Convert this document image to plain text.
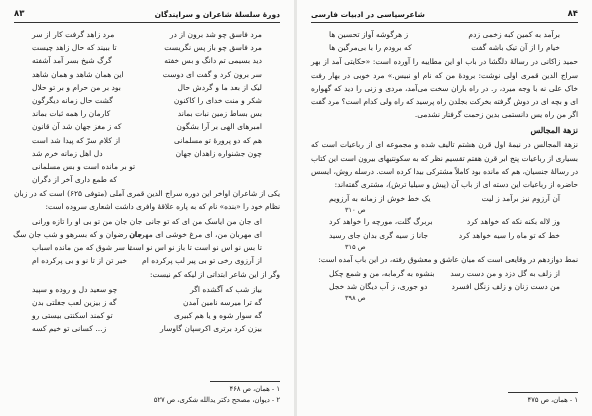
دورهٔ سلسلهٔ شاعران و سرایندگان
۸۳
مرد فاسق چو شد برون از در
مرد زاهد گرفت کار از سر
مرد فاسق چو باز پس نگریست
تا ببیند که حال زاهد چیست
دید بسیمی تم دانگ و بس خفته
گرگ شیخ بسر آمد آشفته
سر برون کرد و گفت ای دوست
این همان شاهد و همان شاهد
لیک از بعد ما و گردش حال
بود بر من حرام و بر تو حلال
شکر و منت خدای را کاکنون
گشت حال زمانه دیگرگون
بس بساط زمین نبات بماند
کارمان را همه ثبات بماند
امبرهای الهی بر آرا بشگون
که ز مغز جهان شد آن قانون
هم که دو پرورهٔ تو مسلمانی
از کلام سرّ که پیدا شد است
چون جشنواره زاهدان جهان
دل اهل زمانه خرم شد
تو بر مانده است و بس مسلمانی
که طمع داری آخر از دگران
یکی از شاعران اواخر این دوره سراج الدین قمری آملی (متوفی ۶۲۵) است که در زبان نظام خود را «بنده» نام که به پاره علاقهٔ وافری داشت اشعاری سروده است:
ای جان من ایاسک من ای که تو جانی
جان جان من تو بی او را تازه ورانی
ای مهربان من، ای مرغ خوشی ای مهرمان
جان رضوان و که بسرهو و شب جان سگ
تا بس نو اس نو است تا باز نو اس نو است
تا سر شوق که من مانده اسباب
از آرزوی رخی تو بی پیر لب پرکرده ام
خبر تن از تا نو و بی پرکرده ام
وگر از این شاعر ابتداتی از لیکه کم نیست:
بیاز شب که آگشده اگر
چو سعید دل و روده و سپید
گه ترا میرسه نامین آمدن
گه ز بیزین لعب جغلتی بدن
گه سوار شوه و یا هم کبیری
تو کمند اسکنتی بیستی رو
بیزن کرد برتری اکرسپان گاوسار
ز... کسانی تو خیم کسه
۱ - همان، ص ۴۶۸
۲ - دیوان، مصحح دکتر یدالله شکری، ص ۵۲۷
۸۴
شاعرسیاسی در ادبیات فارسی
برآمد به کمین کبه زخمی زدم
ز هرگوشه آواز تحسین ها
خیام را از آن تیک باشه گفت
که برودم را با بی‌مرگین ها
حمید زاکانی در رسالهٔ دلگشا در باب او این مطایبه را آورده است: «حکایتی آمد از بهر سراج الدین قمری اولی نوشت: برودهٔ من که نام او نبیس.» مرد خوبی در بهار رفت خاک علی‌ نه با وجه میرد، ر. در راه باران سخت می‌آمد، مردی و زنی را دید که گهواره ای و بچه ای در دوش گرفته بخرکت بجلدن راه پرسید که راه ولی کدام است؟ مرد گفت اگر من راه یس دانستمی بدین زحمت گرفتار نشدمی.
نزهة المجالس
نزهة المجالس در نیمهٔ اول قرن هشتم تالیف شده و مجموعه ای از رباعیات است که بسیاری از رباعیات پنج ابر قرن هفتم تقسیم نظر که به سکونتیهای بیرون است این کتاب در رسالهٔ جنسیان، هم که مانده بود کاملاً مشترکی بیدا کرده است. درسله روش، ایسس حاضره از رباعیات این دسته ای از باب آن (پیش و سیلیا ترش)، مشتری گفته‌اند:
آن آرزوم نیز برآمد ز لیت
یک خط خوش از زمانه به آرزویم
ص ۳۱۰
وز لاله بکنه نکه که خواهد کرد
بربرگ گلت، مورچه را خواهد کرد
خط که تو ماه را سیه خواهد کرد
جانا ز سیه گری بدان جای رسید
ص ۳۱۵
نمط دوازدهم در وقایعی است که میان عاشق و معشوق رفته، در این باب آمده است:
از زلف به گل دزد و من دست رسد
بنشوه به گرمابه، من و شمع چکل
من دست زنان و زلف زنگل افسرد
دو جوری، ز آب دیگان شد خجل
ص ۳۹۸
۱ - همان، ص ۴۷۵
